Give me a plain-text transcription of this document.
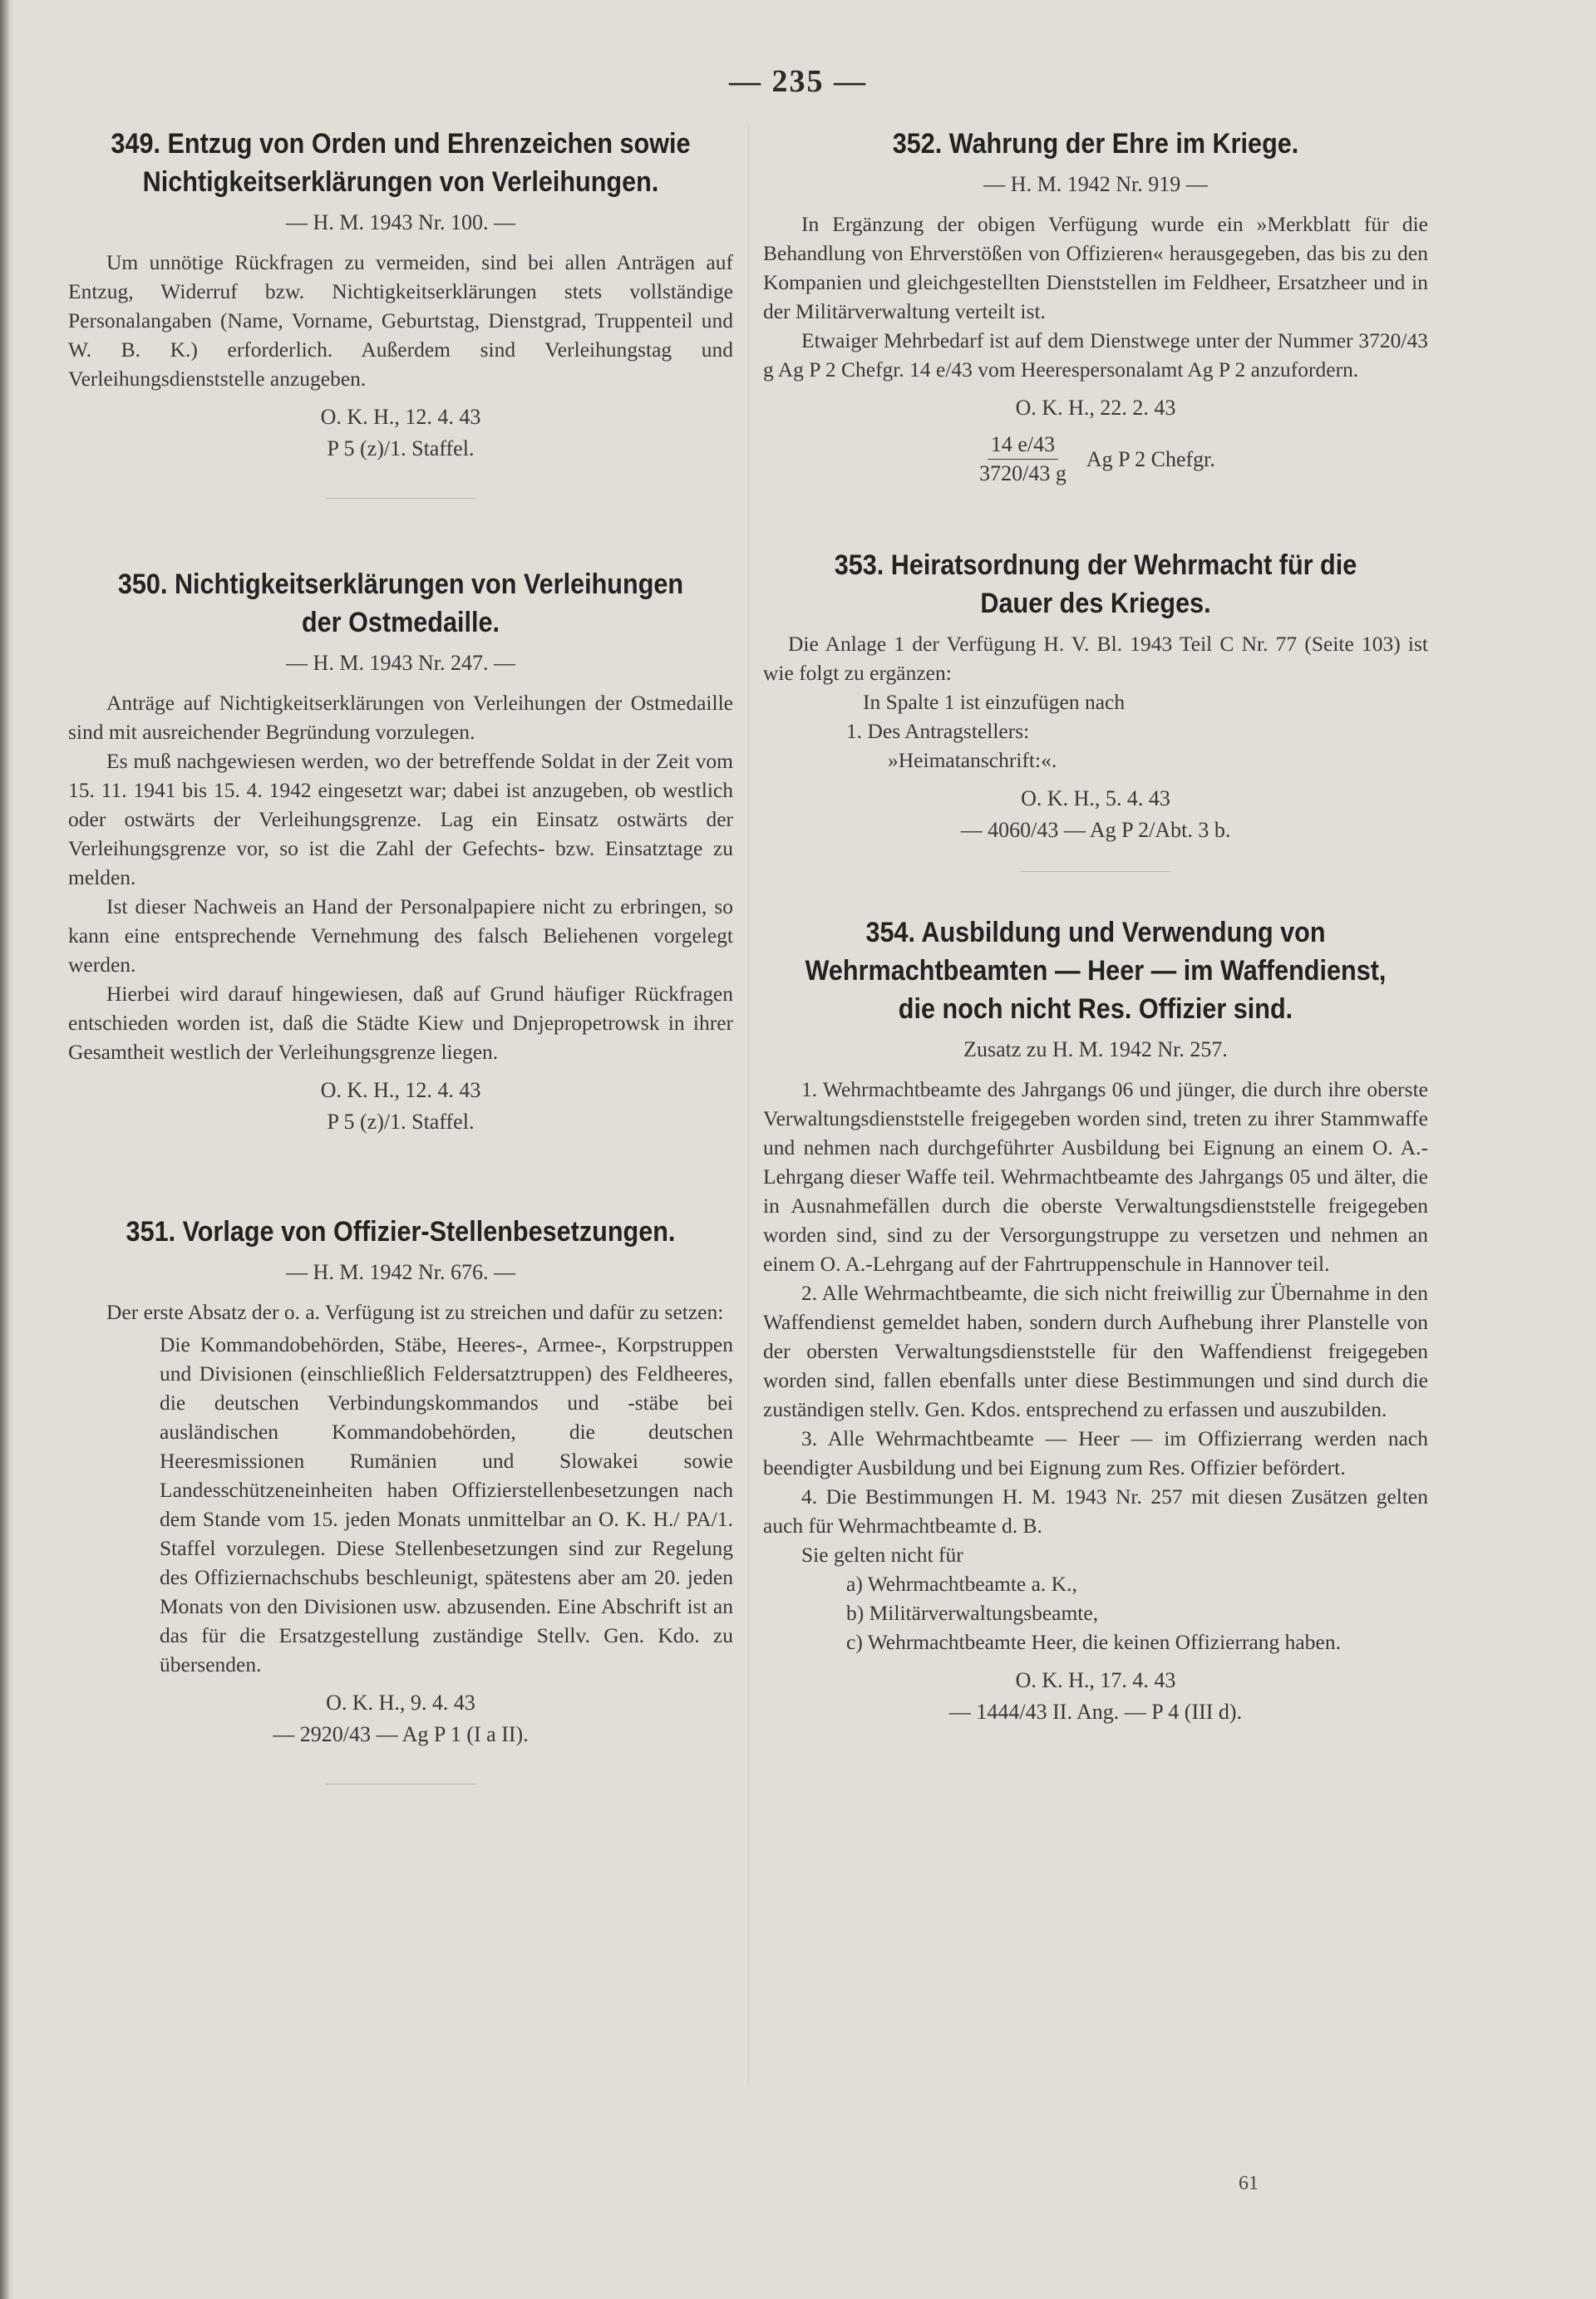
— 235 —
349. Entzug von Orden und Ehrenzeichen sowie Nichtigkeitserklärungen von Verleihungen.
— H. M. 1943 Nr. 100. —

Um unnötige Rückfragen zu vermeiden, sind bei allen Anträgen auf Entzug, Widerruf bzw. Nichtigkeitserklärungen stets vollständige Personalangaben (Name, Vorname, Geburtstag, Dienstgrad, Truppenteil und W. B. K.) erforderlich. Außerdem sind Verleihungstag und Verleihungsdienststelle anzugeben.

O. K. H., 12. 4. 43
P 5 (z)/1. Staffel.
350. Nichtigkeitserklärungen von Verleihungen der Ostmedaille.
— H. M. 1943 Nr. 247. —

Anträge auf Nichtigkeitserklärungen von Verleihungen der Ostmedaille sind mit ausreichender Begründung vorzulegen.

Es muß nachgewiesen werden, wo der betreffende Soldat in der Zeit vom 15. 11. 1941 bis 15. 4. 1942 eingesetzt war; dabei ist anzugeben, ob westlich oder ostwärts der Verleihungsgrenze. Lag ein Einsatz ostwärts der Verleihungsgrenze vor, so ist die Zahl der Gefechts- bzw. Einsatztage zu melden.

Ist dieser Nachweis an Hand der Personalpapiere nicht zu erbringen, so kann eine entsprechende Vernehmung des falsch Beliehenen vorgelegt werden.

Hierbei wird darauf hingewiesen, daß auf Grund häufiger Rückfragen entschieden worden ist, daß die Städte Kiew und Dnjepropetrowsk in ihrer Gesamtheit westlich der Verleihungsgrenze liegen.

O. K. H., 12. 4. 43
P 5 (z)/1. Staffel.
351. Vorlage von Offizier-Stellenbesetzungen.
— H. M. 1942 Nr. 676. —

Der erste Absatz der o. a. Verfügung ist zu streichen und dafür zu setzen:

Die Kommandobehörden, Stäbe, Heeres-, Armee-, Korpstruppen und Divisionen (einschließlich Feldersatztruppen) des Feldheeres, die deutschen Verbindungskommandos und -stäbe bei ausländischen Kommandobehörden, die deutschen Heeresmissionen Rumänien und Slowakei sowie Landesschützeneinheiten haben Offizierstellenbesetzungen nach dem Stande vom 15. jeden Monats unmittelbar an O. K. H./ PA/1. Staffel vorzulegen. Diese Stellenbesetzungen sind zur Regelung des Offiziernachschubs beschleunigt, spätestens aber am 20. jeden Monats von den Divisionen usw. abzusenden. Eine Abschrift ist an das für die Ersatzgestellung zuständige Stellv. Gen. Kdo. zu übersenden.

O. K. H., 9. 4. 43
— 2920/43 — Ag P 1 (I a II).
352. Wahrung der Ehre im Kriege.
— H. M. 1942 Nr. 919 —

In Ergänzung der obigen Verfügung wurde ein »Merkblatt für die Behandlung von Ehrverstößen von Offizieren« herausgegeben, das bis zu den Kompanien und gleichgestellten Dienststellen im Feldheer, Ersatzheer und in der Militärverwaltung verteilt ist.

Etwaiger Mehrbedarf ist auf dem Dienstwege unter der Nummer 3720/43 g Ag P 2 Chefgr. 14 e/43 vom Heerespersonalamt Ag P 2 anzufordern.

O. K. H., 22. 2. 43
$\frac{14 e/43}{3720/43 g}$ Ag P 2 Chefgr.
353. Heiratsordnung der Wehrmacht für die Dauer des Krieges.

Die Anlage 1 der Verfügung H. V. Bl. 1943 Teil C Nr. 77 (Seite 103) ist wie folgt zu ergänzen:

In Spalte 1 ist einzufügen nach

1. Des Antragstellers:

»Heimatanschrift:«.

O. K. H., 5. 4. 43
— 4060/43 — Ag P 2/Abt. 3 b.
354. Ausbildung und Verwendung von Wehrmachtbeamten — Heer — im Waffendienst, die noch nicht Res. Offizier sind.
Zusatz zu H. M. 1942 Nr. 257.

1. Wehrmachtbeamte des Jahrgangs 06 und jünger, die durch ihre oberste Verwaltungsdienststelle freigegeben worden sind, treten zu ihrer Stammwaffe und nehmen nach durchgeführter Ausbildung bei Eignung an einem O. A.-Lehrgang dieser Waffe teil. Wehrmachtbeamte des Jahrgangs 05 und älter, die in Ausnahmefällen durch die oberste Verwaltungsdienststelle freigegeben worden sind, sind zu der Versorgungstruppe zu versetzen und nehmen an einem O. A.-Lehrgang auf der Fahrtruppenschule in Hannover teil.

2. Alle Wehrmachtbeamte, die sich nicht freiwillig zur Übernahme in den Waffendienst gemeldet haben, sondern durch Aufhebung ihrer Planstelle von der obersten Verwaltungsdienststelle für den Waffendienst freigegeben worden sind, fallen ebenfalls unter diese Bestimmungen und sind durch die zuständigen stellv. Gen. Kdos. entsprechend zu erfassen und auszubilden.

3. Alle Wehrmachtbeamte — Heer — im Offizierrang werden nach beendigter Ausbildung und bei Eignung zum Res. Offizier befördert.

4. Die Bestimmungen H. M. 1943 Nr. 257 mit diesen Zusätzen gelten auch für Wehrmachtbeamte d. B.

Sie gelten nicht für

a) Wehrmachtbeamte a. K.,

b) Militärverwaltungsbeamte,

c) Wehrmachtbeamte Heer, die keinen Offizierrang haben.

O. K. H., 17. 4. 43
— 1444/43 II. Ang. — P 4 (III d).
61
